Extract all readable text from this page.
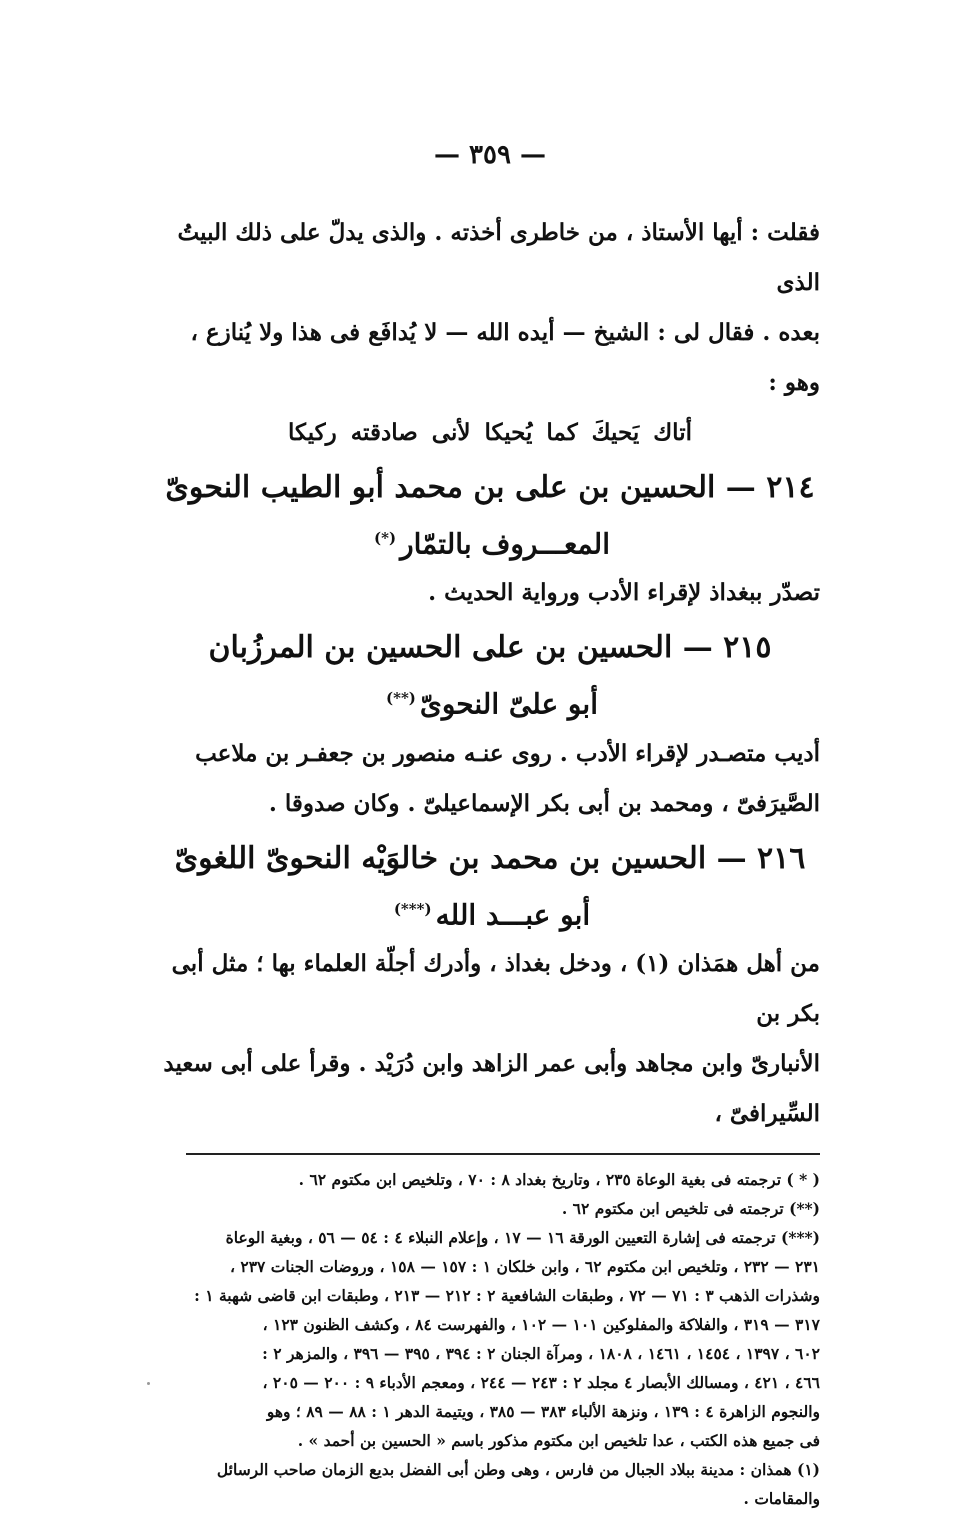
— ٣٥٩ —

فقلت : أيها الأستاذ ، من خاطرى أخذته . والذى يدلّ على ذلك البيتُ الذى

بعده . فقال لى : الشيخ — أيده الله — لا يُدافَع فى هذا ولا يُنازع ، وهو :

أتاك يَحيكَ كما يُحيكا لأنى صادقته ركيكا
٢١٤ — الحسين بن على بن محمد أبو الطيب النحوىّ
المعـــروف بالتمّار(*)

تصدّر ببغداذ لإقراء الأدب ورواية الحديث .

٢١٥ — الحسين بن على الحسين بن المرزُبان
أبو علىّ النحوىّ(**)

أديب متصـدر لإقراء الأدب . روى عنـه منصور بن جعفـر بن ملاعب

الصَّيرَفىّ ، ومحمد بن أبى بكر الإسماعيلىّ . وكان صدوقا .

٢١٦ — الحسين بن محمد بن خالوَيْه النحوىّ اللغوىّ
أبو عبـــد الله(***)

من أهل همَذان (١) ، ودخل بغداذ ، وأدرك أجلّة العلماء بها ؛ مثل أبى بكر بن

الأنبارىّ وابن مجاهد وأبى عمر الزاهد وابن دُرَيْد . وقرأ على أبى سعيد السِّيرافىّ ،

( * ) ترجمته فى بغية الوعاة ٢٣٥ ، وتاريخ بغداد ٨ : ٧٠ ، وتلخيص ابن مكتوم ٦٢ .

(**) ترجمته فى تلخيص ابن مكتوم ٦٢ .

(***) ترجمته فى إشارة التعيين الورقة ١٦ — ١٧ ، وإعلام النبلاء ٤ : ٥٤ — ٥٦ ، وبغية الوعاة

٢٣١ — ٢٣٢ ، وتلخيص ابن مكتوم ٦٢ ، وابن خلكان ١ : ١٥٧ — ١٥٨ ، وروضات الجنات ٢٣٧ ،

وشذرات الذهب ٣ : ٧١ — ٧٢ ، وطبقات الشافعية ٢ : ٢١٢ — ٢١٣ ، وطبقات ابن قاضى شهبة ١ :

٣١٧ — ٣١٩ ، والفلاكة والمفلوكين ١٠١ — ١٠٢ ، والفهرست ٨٤ ، وكشف الظنون ١٢٣ ،

٦٠٢ ، ١٣٩٧ ، ١٤٥٤ ، ١٤٦١ ، ١٨٠٨ ، ومرآة الجنان ٢ : ٣٩٤ ، ٣٩٥ — ٣٩٦ ، والمزهر ٢ :

٤٦٦ ، ٤٢١ ، ومسالك الأبصار ٤ مجلد ٢ : ٢٤٣ — ٢٤٤ ، ومعجم الأدباء ٩ : ٢٠٠ — ٢٠٥ ،

والنجوم الزاهرة ٤ : ١٣٩ ، ونزهة الألباء ٣٨٣ — ٣٨٥ ، ويتيمة الدهر ١ : ٨٨ — ٨٩ ؛ وهو

فى جميع هذه الكتب ، عدا تلخيص ابن مكتوم مذكور باسم « الحسين بن أحمد » .

(١) همذان : مدينة ببلاد الجبال من فارس ، وهى وطن أبى الفضل بديع الزمان صاحب الرسائل والمقامات .
